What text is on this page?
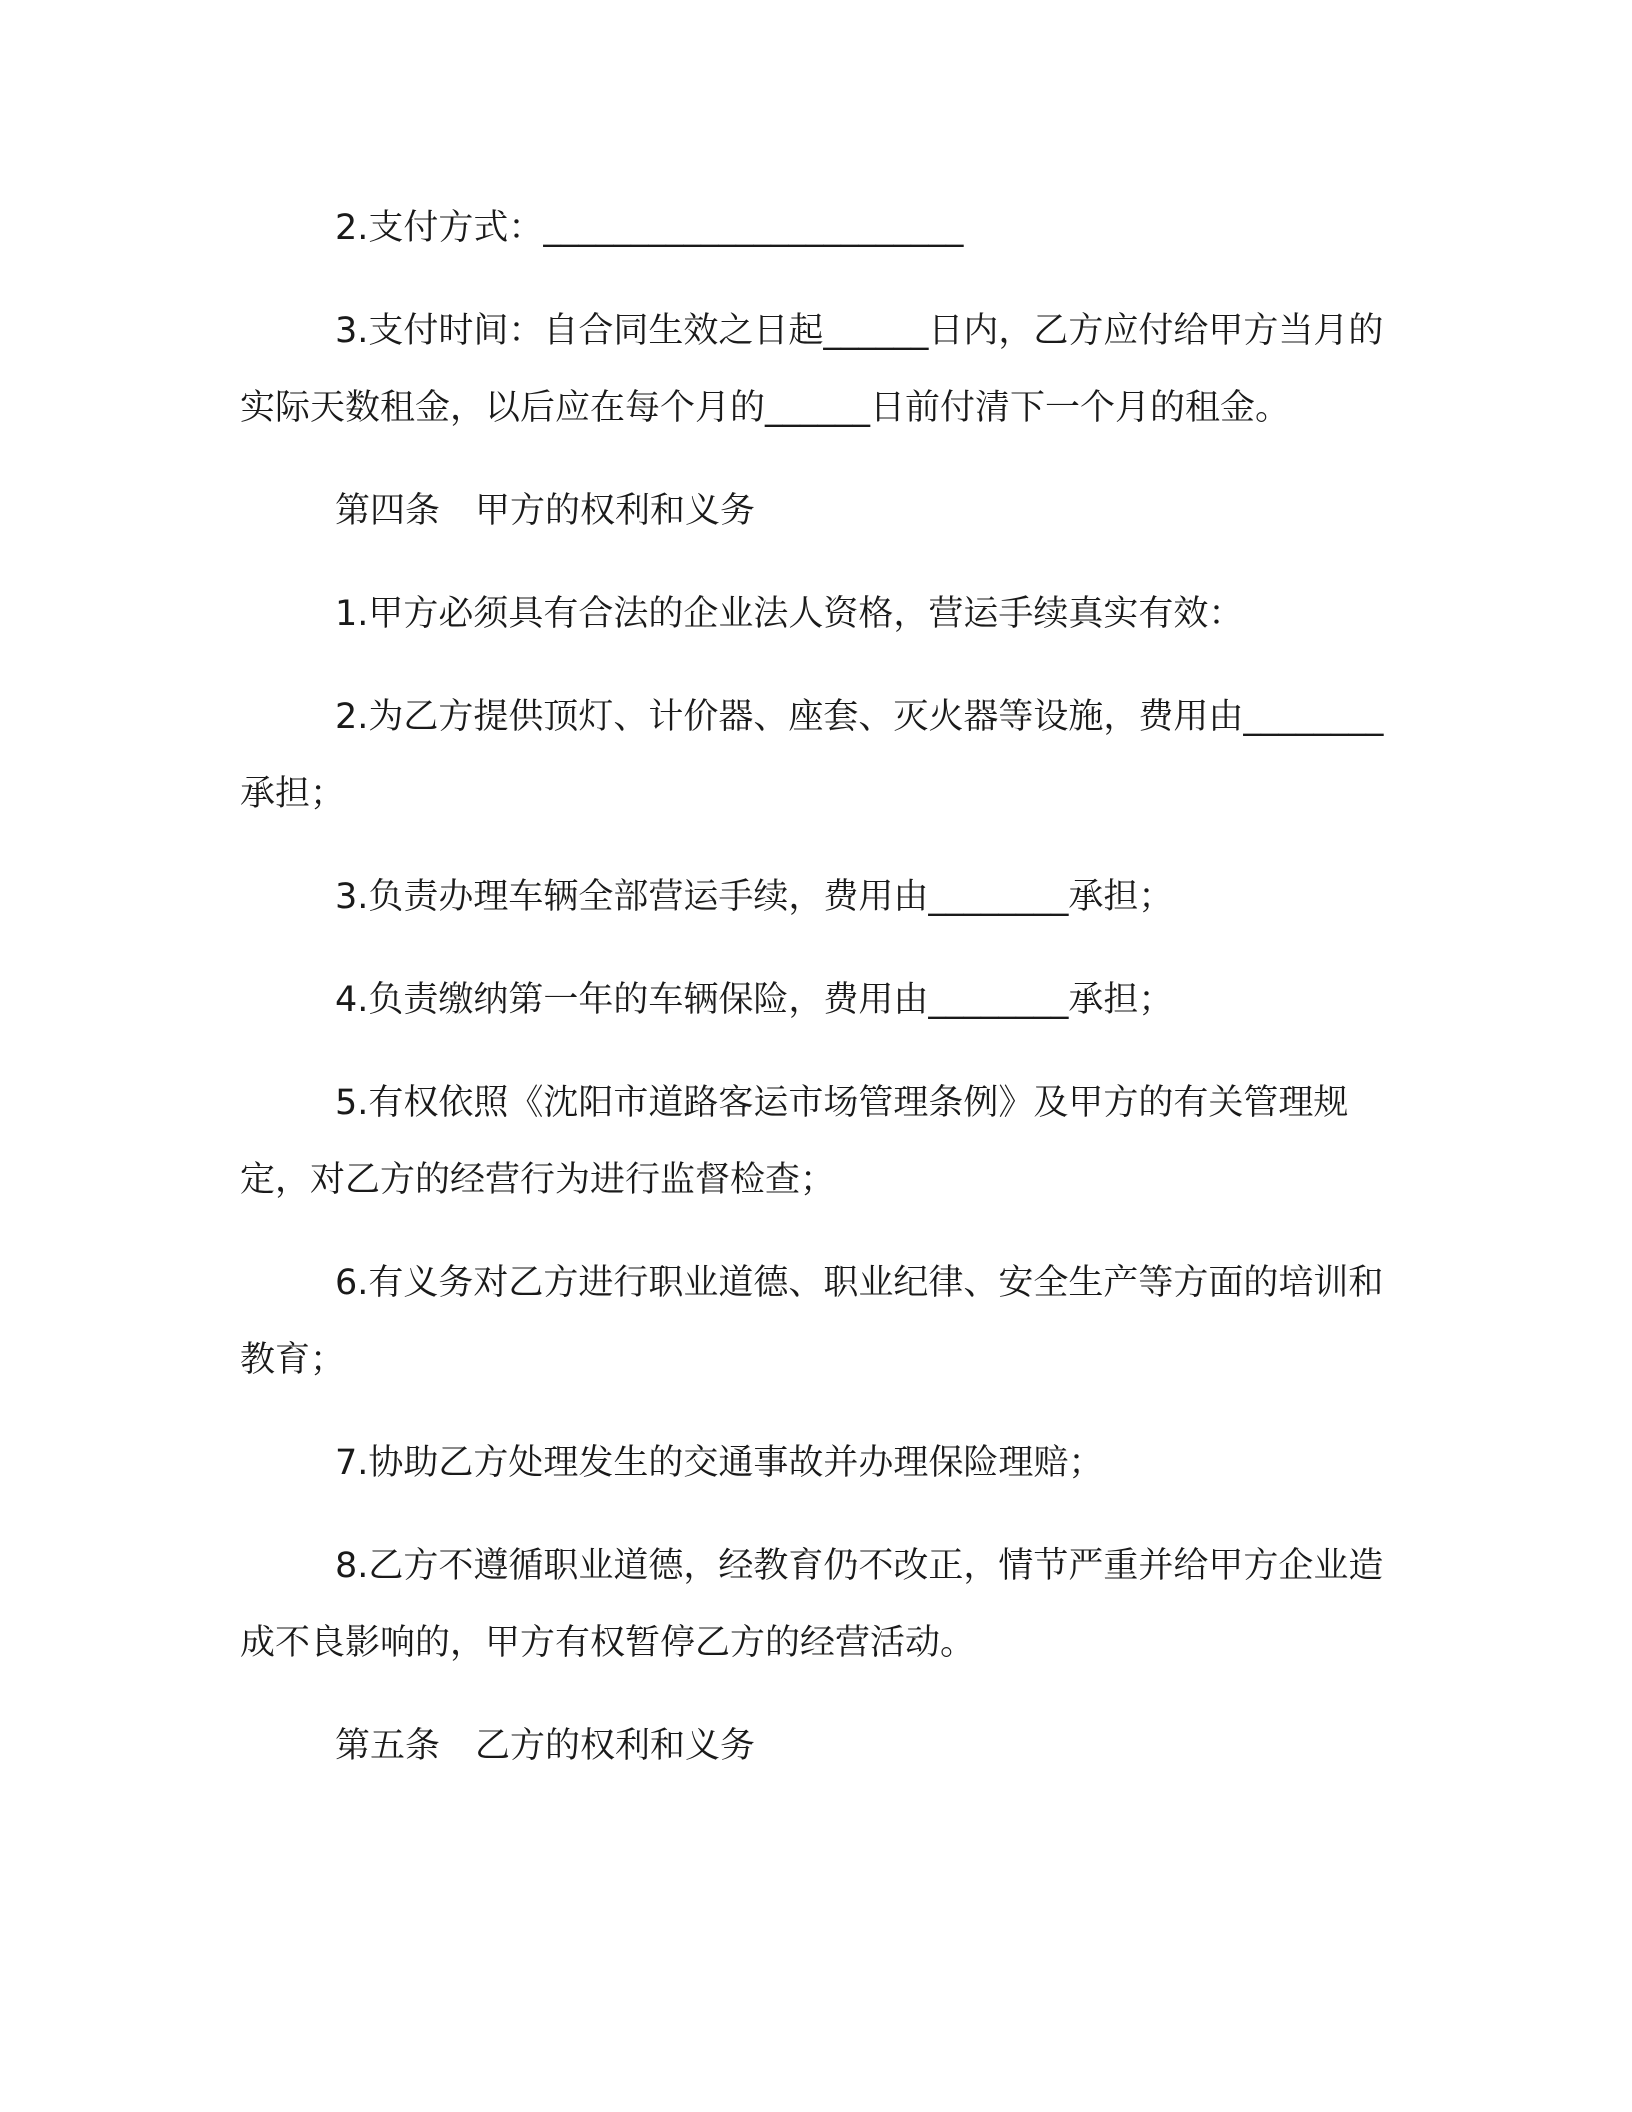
2.支付方式：________________________

3.支付时间：自合同生效之日起______日内，乙方应付给甲方当月的实际天数租金，以后应在每个月的______日前付清下一个月的租金。

第四条　甲方的权利和义务

1.甲方必须具有合法的企业法人资格，营运手续真实有效：

2.为乙方提供顶灯、计价器、座套、灭火器等设施，费用由________承担；

3.负责办理车辆全部营运手续，费用由________承担；

4.负责缴纳第一年的车辆保险，费用由________承担；

5.有权依照《沈阳市道路客运市场管理条例》及甲方的有关管理规定，对乙方的经营行为进行监督检查；

6.有义务对乙方进行职业道德、职业纪律、安全生产等方面的培训和教育；

7.协助乙方处理发生的交通事故并办理保险理赔；

8.乙方不遵循职业道德，经教育仍不改正，情节严重并给甲方企业造成不良影响的，甲方有权暂停乙方的经营活动。

第五条　乙方的权利和义务
